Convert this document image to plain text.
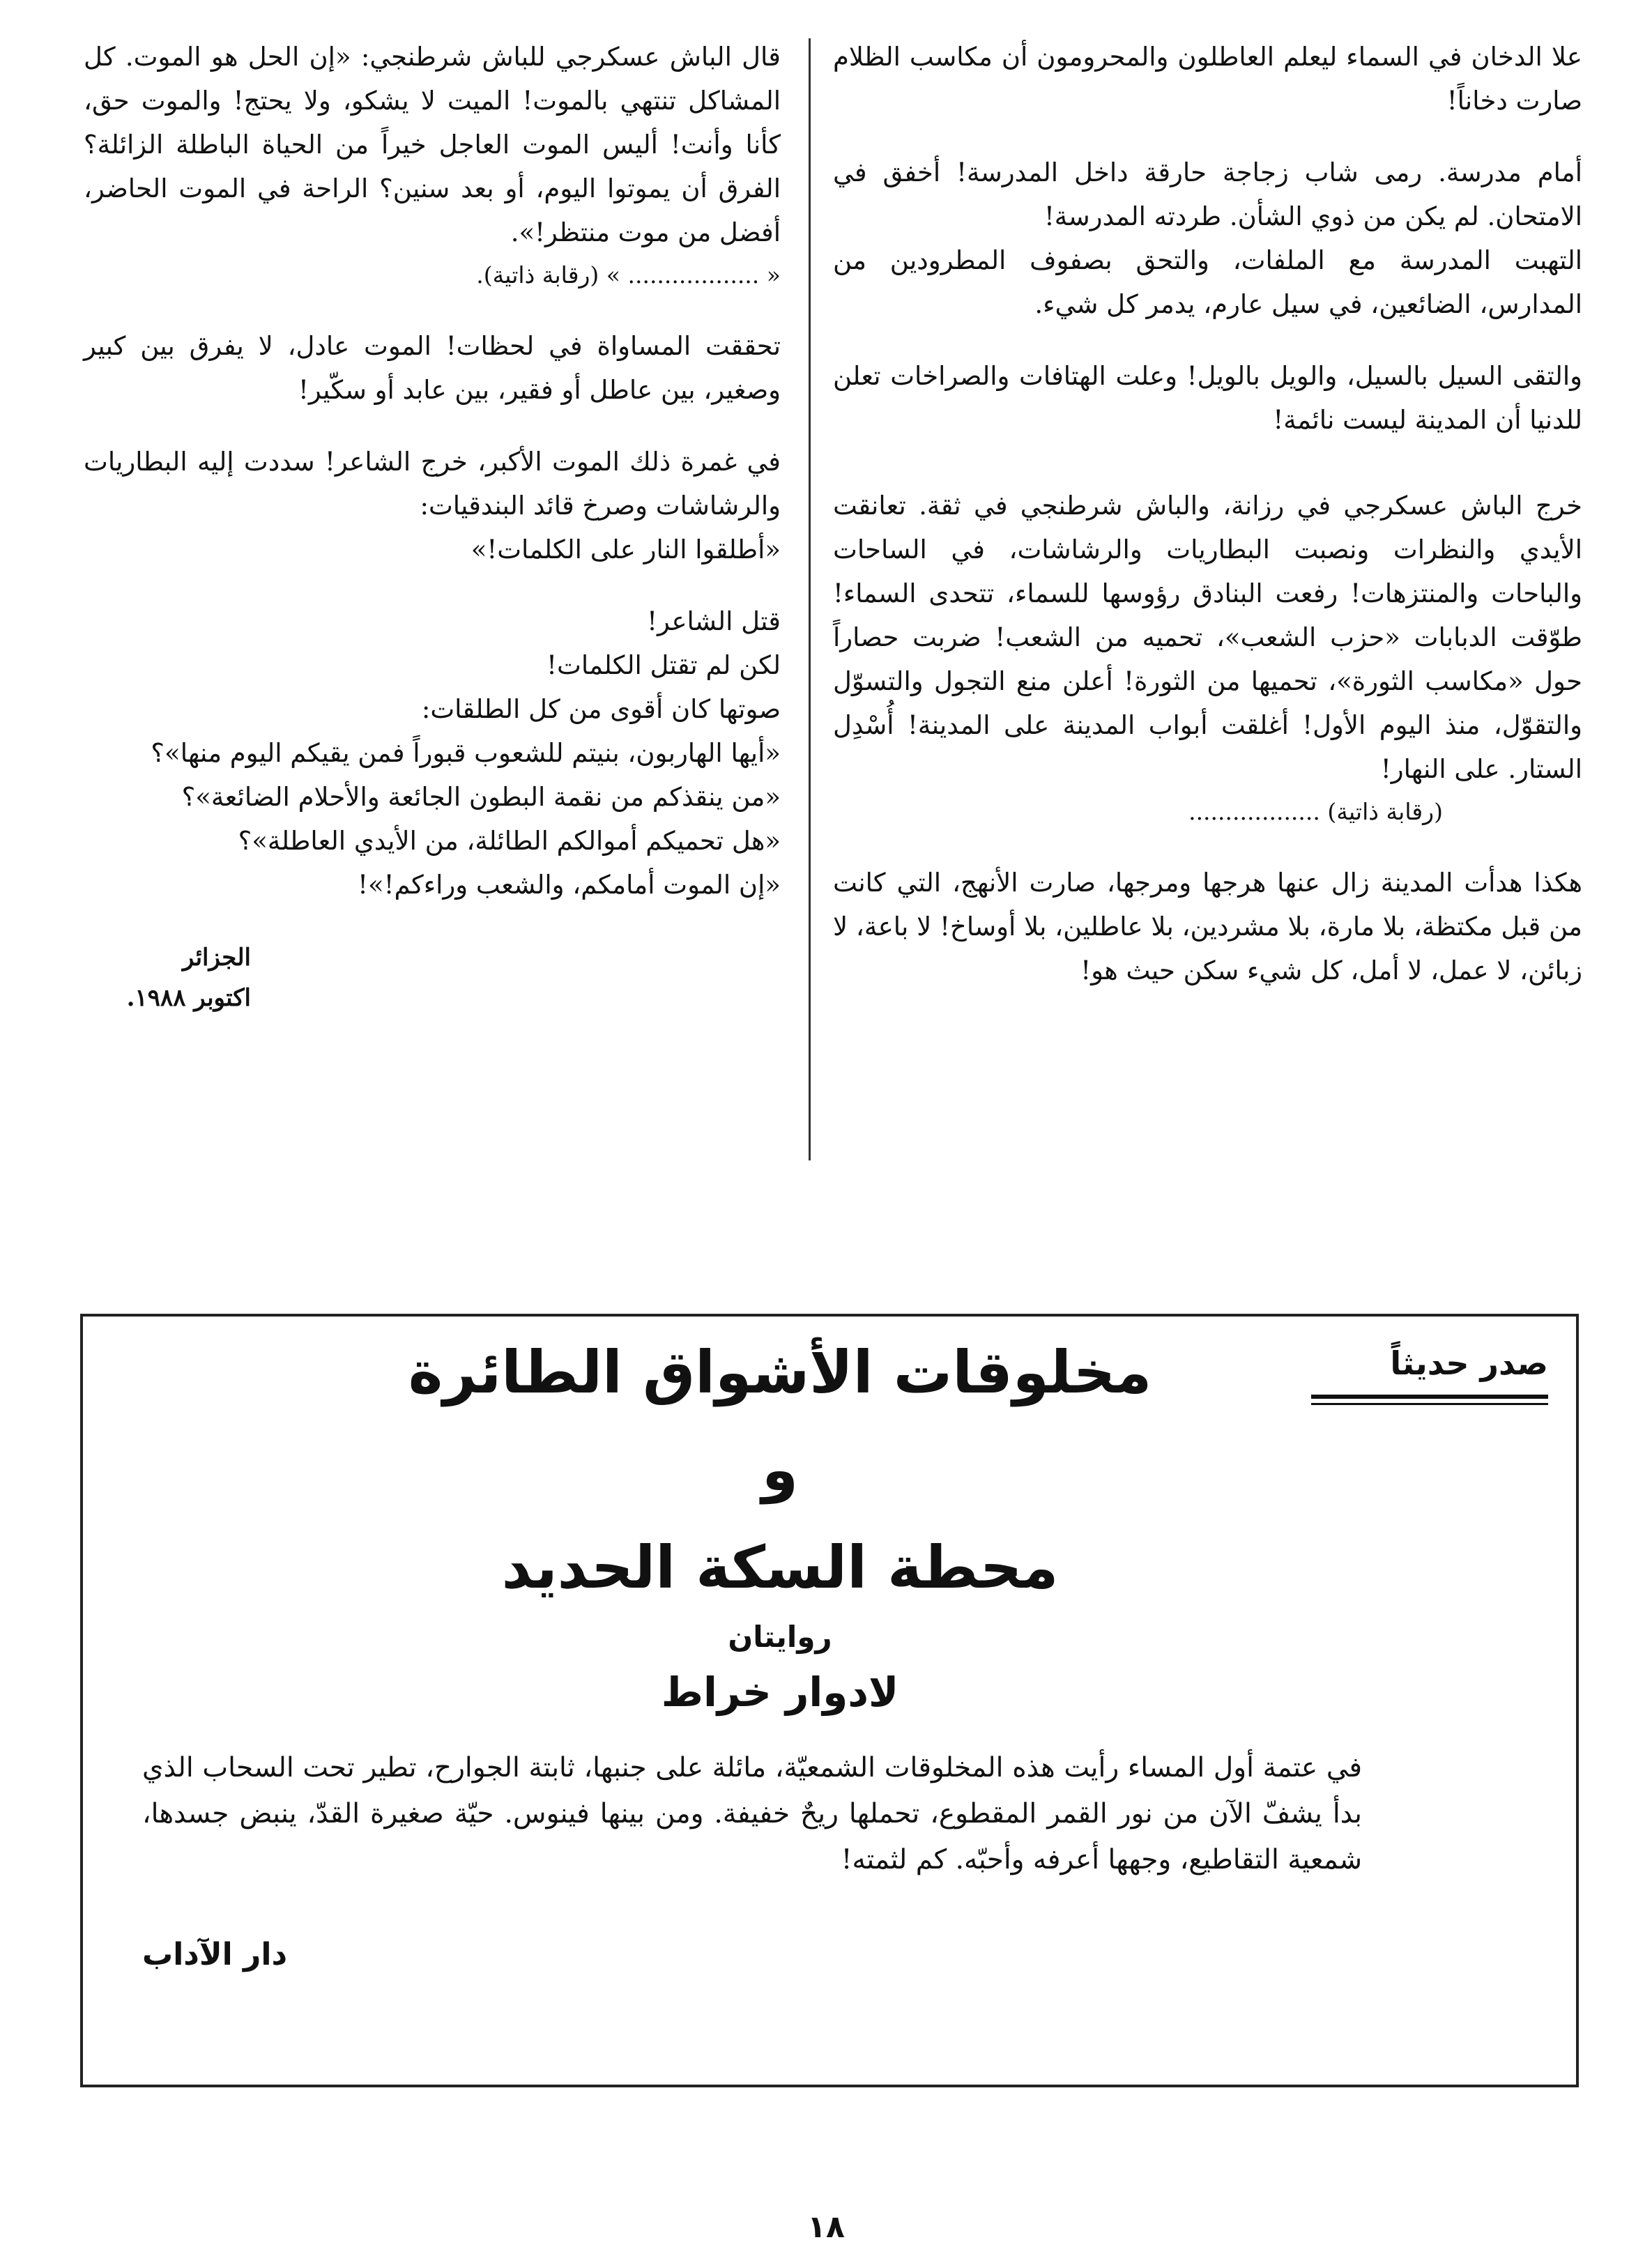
علا الدخان في السماء ليعلم العاطلون والمحرومون أن مكاسب الظلام صارت دخاناً!

أمام مدرسة. رمى شاب زجاجة حارقة داخل المدرسة! أخفق في الامتحان. لم يكن من ذوي الشأن. طردته المدرسة!

التهبت المدرسة مع الملفات، والتحق بصفوف المطرودين من المدارس، الضائعين، في سيل عارم، يدمر كل شيء.

والتقى السيل بالسيل، والويل بالويل! وعلت الهتافات والصراخات تعلن للدنيا أن المدينة ليست نائمة!

خرج الباش عسكرجي في رزانة، والباش شرطنجي في ثقة. تعانقت الأيدي والنظرات ونصبت البطاريات والرشاشات، في الساحات والباحات والمنتزهات! رفعت البنادق رؤوسها للسماء، تتحدى السماء! طوّقت الدبابات «حزب الشعب»، تحميه من الشعب! ضربت حصاراً حول «مكاسب الثورة»، تحميها من الثورة! أعلن منع التجول والتسوّل والتقوّل، منذ اليوم الأول! أغلقت أبواب المدينة على المدينة! أُسْدِل الستار. على النهار!

(رقابة ذاتية) ..................

هكذا هدأت المدينة زال عنها هرجها ومرجها، صارت الأنهج، التي كانت من قبل مكتظة، بلا مارة، بلا مشردين، بلا عاطلين، بلا أوساخ! لا باعة، لا زبائن، لا عمل، لا أمل، كل شيء سكن حيث هو!

قال الباش عسكرجي للباش شرطنجي: «إن الحل هو الموت. كل المشاكل تنتهي بالموت! الميت لا يشكو، ولا يحتج! والموت حق، كأنا وأنت! أليس الموت العاجل خيراً من الحياة الباطلة الزائلة؟ الفرق أن يموتوا اليوم، أو بعد سنين؟ الراحة في الموت الحاضر، أفضل من موت منتظر!».

« .................. » (رقابة ذاتية).

تحققت المساواة في لحظات! الموت عادل، لا يفرق بين كبير وصغير، بين عاطل أو فقير، بين عابد أو سكّير!

في غمرة ذلك الموت الأكبر، خرج الشاعر! سددت إليه البطاريات والرشاشات وصرخ قائد البندقيات:

«أطلقوا النار على الكلمات!»

قتل الشاعر!

لكن لم تقتل الكلمات!

صوتها كان أقوى من كل الطلقات:

«أيها الهاربون، بنيتم للشعوب قبوراً فمن يقيكم اليوم منها»؟

«من ينقذكم من نقمة البطون الجائعة والأحلام الضائعة»؟

«هل تحميكم أموالكم الطائلة، من الأيدي العاطلة»؟

«إن الموت أمامكم، والشعب وراءكم!»!

الجزائر

اكتوبر ١٩٨٨.

صدر حديثاً
مخلوقات الأشواق الطائرة
و
محطة السكة الحديد
روايتان
لادوار خراط

في عتمة أول المساء رأيت هذه المخلوقات الشمعيّة، مائلة على جنبها، ثابتة الجوارح، تطير تحت السحاب الذي بدأ يشفّ الآن من نور القمر المقطوع، تحملها ريحٌ خفيفة. ومن بينها فينوس. حيّة صغيرة القدّ، ينبض جسدها، شمعية التقاطيع، وجهها أعرفه وأحبّه. كم لثمته!

دار الآداب
١٨
